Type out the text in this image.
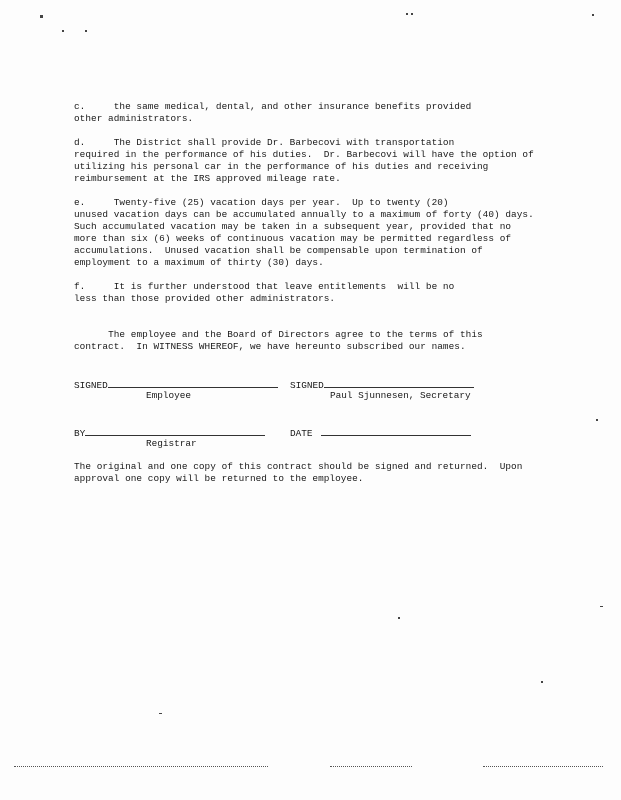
c.     the same medical, dental, and other insurance benefits provided
other administrators.
d.     The District shall provide Dr. Barbecovi with transportation
required in the performance of his duties.  Dr. Barbecovi will have the option of
utilizing his personal car in the performance of his duties and receiving
reimbursement at the IRS approved mileage rate.
e.     Twenty-five (25) vacation days per year.  Up to twenty (20)
unused vacation days can be accumulated annually to a maximum of forty (40) days.
Such accumulated vacation may be taken in a subsequent year, provided that no
more than six (6) weeks of continuous vacation may be permitted regardless of
accumulations.  Unused vacation shall be compensable upon termination of
employment to a maximum of thirty (30) days.
f.     It is further understood that leave entitlements  will be no
less than those provided other administrators.
The employee and the Board of Directors agree to the terms of this
contract.  In WITNESS WHEREOF, we have hereunto subscribed our names.
SIGNED
Employee
SIGNED
Paul Sjunnesen, Secretary
BY
Registrar
DATE
The original and one copy of this contract should be signed and returned.  Upon
approval one copy will be returned to the employee.
